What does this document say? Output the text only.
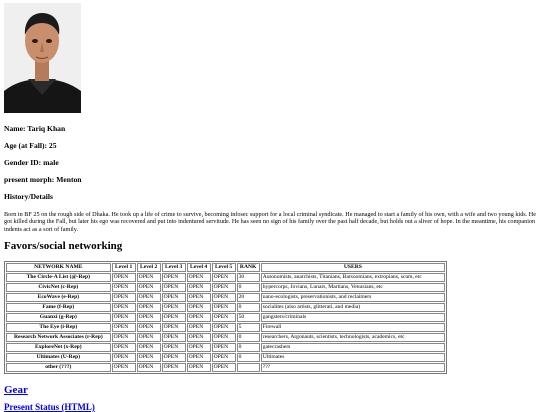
Name: Tariq Khan
Age (at Fall): 25
Gender ID: male
present morph: Menton
History/Details
Born in BF 25 on the rough side of Dhaka. He took up a life of crime to survive, becoming infosec support for a local criminal syndicate. He managed to start a family of his own, with a wife and two young kids. He got killed during the Fall, but later his ego was recovered and put into indentured servitude. He has seen no sign of his family over the past half decade, but holds out a sliver of hope. In the meantime, his companion indents act as a sort of family.
Favors/social networking
NETWORK NAME	Level 1	Level 2	Level 3	Level 4	Level 5	RANK	USERS
The Circle-A List (@-Rep)	OPEN	OPEN	OPEN	OPEN	OPEN	30	Autonomists, anarchists, Titanians, Barsoomians, extropians, scum, etc
CivicNet (c-Rep)	OPEN	OPEN	OPEN	OPEN	OPEN	0	hypercorps, Jovians, Lunars, Martians, Venusians, etc
EcoWave (e-Rep)	OPEN	OPEN	OPEN	OPEN	OPEN	20	nano-ecologists, preservationists, and reclaimers
Fame (f-Rep)	OPEN	OPEN	OPEN	OPEN	OPEN	0	socialites (also artists, glitterati, and media)
Guanxi (g-Rep)	OPEN	OPEN	OPEN	OPEN	OPEN	50	gangsters/criminals
The Eye (i-Rep)	OPEN	OPEN	OPEN	OPEN	OPEN	5	Firewall
Research Network Associates (r-Rep)	OPEN	OPEN	OPEN	OPEN	OPEN	0	researchers, Argonauts, scientists, technologists, academics, etc
ExploreNet (x-Rep)	OPEN	OPEN	OPEN	OPEN	OPEN	0	gatecrashers
Ultimates (U-Rep)	OPEN	OPEN	OPEN	OPEN	OPEN	0	Ultimates
other (???)	OPEN	OPEN	OPEN	OPEN	OPEN		???
Gear
Present Status (HTML)
